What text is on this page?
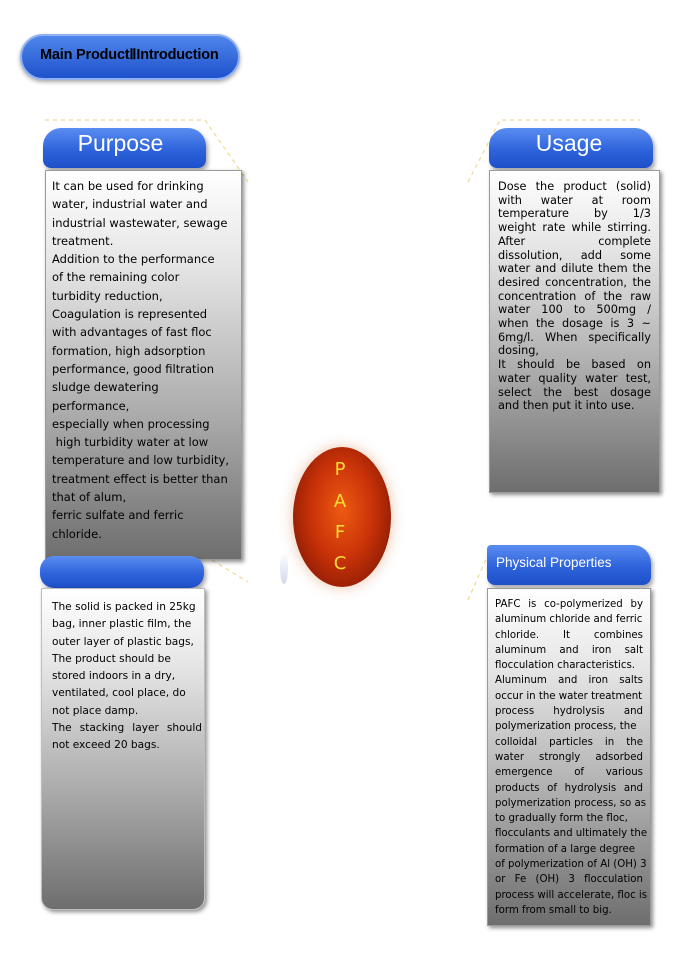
Main ProductⅡIntroduction
Purpose
It can be used for drinking
water, industrial water and
industrial wastewater, sewage
treatment.
Addition to the performance
of the remaining color
turbidity reduction,
Coagulation is represented
with advantages of fast floc
formation, high adsorption
performance, good filtration
sludge dewatering
performance,
especially when processing
high turbidity water at low
temperature and low turbidity,
treatment effect is better than
that of alum,
ferric sulfate and ferric
chloride.
Usage
Dose the product (solid)
with water at room
temperature by 1/3
weight rate while stirring.
After complete
dissolution, add some
water and dilute them the
desired concentration, the
concentration of the raw
water 100 to 500mg /
when the dosage is 3 ~
6mg/l. When specifically
dosing,
It should be based on
water quality water test,
select the best dosage
and then put it into use.
P
A
F
C
The solid is packed in 25kg
bag, inner plastic film, the
outer layer of plastic bags,
The product should be
stored indoors in a dry,
ventilated, cool place, do
not place damp.
The stacking layer should
not exceed 20 bags.
Physical Properties
PAFC is co-polymerized by
aluminum chloride and ferric
chloride. It combines
aluminum and iron salt
flocculation characteristics.
Aluminum and iron salts
occur in the water treatment
process hydrolysis and
polymerization process, the
colloidal particles in the
water strongly adsorbed
emergence of various
products of hydrolysis and
polymerization process, so as
to gradually form the floc,
flocculants and ultimately the
formation of a large degree
of polymerization of Al (OH) 3
or Fe (OH) 3 flocculation
process will accelerate, floc is
form from small to big.
